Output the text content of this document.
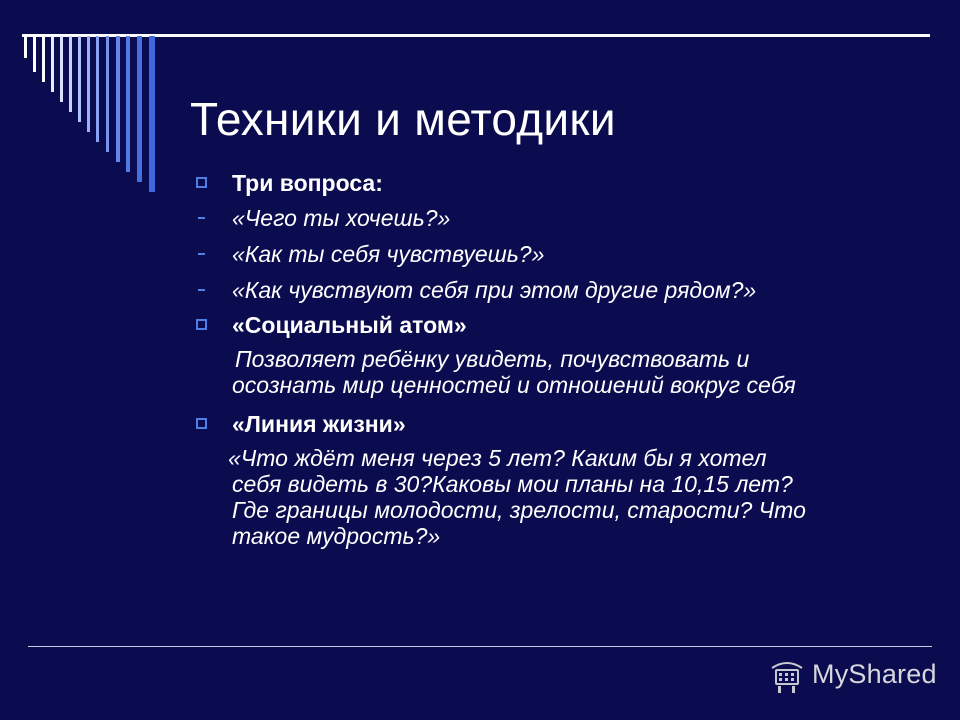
Техники и методики
Три вопроса:
«Чего ты хочешь?»
«Как ты себя чувствуешь?»
«Как чувствуют себя при этом другие рядом?»
«Социальный атом»
Позволяет ребёнку увидеть, почувствовать и
осознать мир ценностей и отношений вокруг себя
«Линия жизни»
«Что ждёт меня через 5 лет? Каким бы я хотел
себя видеть в 30?Каковы мои планы на 10,15 лет?
Где границы молодости, зрелости, старости? Что
такое мудрость?»
MyShared
